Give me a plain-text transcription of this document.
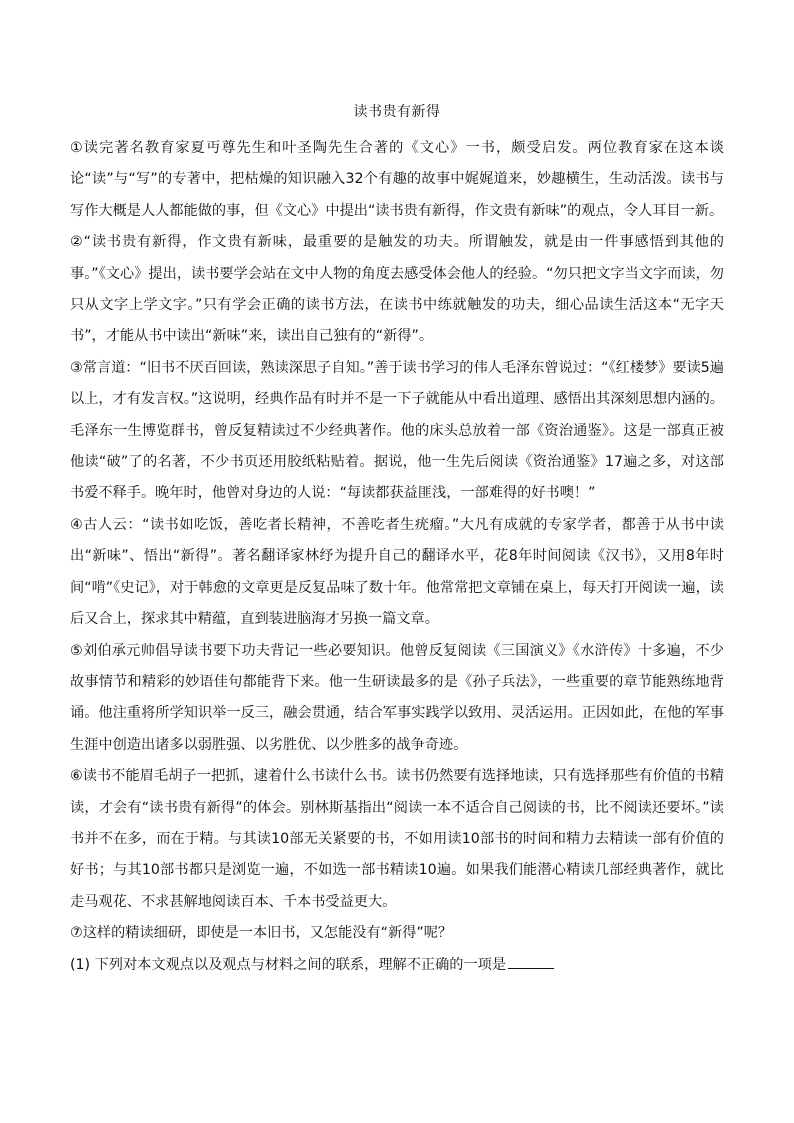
读书贵有新得

①读完著名教育家夏丏尊先生和叶圣陶先生合著的《文心》一书，颇受启发。两位教育家在这本谈论“读”与“写”的专著中，把枯燥的知识融入32个有趣的故事中娓娓道来，妙趣横生，生动活泼。读书与写作大概是人人都能做的事，但《文心》中提出“读书贵有新得，作文贵有新味”的观点，令人耳目一新。

②“读书贵有新得，作文贵有新味，最重要的是触发的功夫。所谓触发，就是由一件事感悟到其他的事。”《文心》提出，读书要学会站在文中人物的角度去感受体会他人的经验。“勿只把文字当文字而读，勿只从文字上学文字。”只有学会正确的读书方法，在读书中练就触发的功夫，细心品读生活这本“无字天书”，才能从书中读出“新味”来，读出自己独有的“新得”。

③常言道：“旧书不厌百回读，熟读深思子自知。”善于读书学习的伟人毛泽东曾说过：“《红楼梦》要读5遍以上，才有发言权。”这说明，经典作品有时并不是一下子就能从中看出道理、感悟出其深刻思想内涵的。毛泽东一生博览群书，曾反复精读过不少经典著作。他的床头总放着一部《资治通鉴》。这是一部真正被他读“破”了的名著，不少书页还用胶纸粘贴着。据说，他一生先后阅读《资治通鉴》17遍之多，对这部书爱不释手。晚年时，他曾对身边的人说：“每读都获益匪浅，一部难得的好书噢！”

④古人云：“读书如吃饭，善吃者长精神，不善吃者生疣瘤。”大凡有成就的专家学者，都善于从书中读出“新味”、悟出“新得”。著名翻译家林纾为提升自己的翻译水平，花8年时间阅读《汉书》，又用8年时间“啃”《史记》，对于韩愈的文章更是反复品味了数十年。他常常把文章铺在桌上，每天打开阅读一遍，读后又合上，探求其中精蕴，直到装进脑海才另换一篇文章。

⑤刘伯承元帅倡导读书要下功夫背记一些必要知识。他曾反复阅读《三国演义》《水浒传》十多遍，不少故事情节和精彩的妙语佳句都能背下来。他一生研读最多的是《孙子兵法》，一些重要的章节能熟练地背诵。他注重将所学知识举一反三，融会贯通，结合军事实践学以致用、灵活运用。正因如此，在他的军事生涯中创造出诸多以弱胜强、以劣胜优、以少胜多的战争奇迹。

⑥读书不能眉毛胡子一把抓，逮着什么书读什么书。读书仍然要有选择地读，只有选择那些有价值的书精读，才会有“读书贵有新得”的体会。别林斯基指出“阅读一本不适合自己阅读的书，比不阅读还要坏。”读书并不在多，而在于精。与其读10部无关紧要的书，不如用读10部书的时间和精力去精读一部有价值的好书；与其10部书都只是浏览一遍，不如选一部书精读10遍。如果我们能潜心精读几部经典著作，就比走马观花、不求甚解地阅读百本、千本书受益更大。

⑦这样的精读细研，即使是一本旧书，又怎能没有“新得”呢？

(1) 下列对本文观点以及观点与材料之间的联系，理解不正确的一项是
